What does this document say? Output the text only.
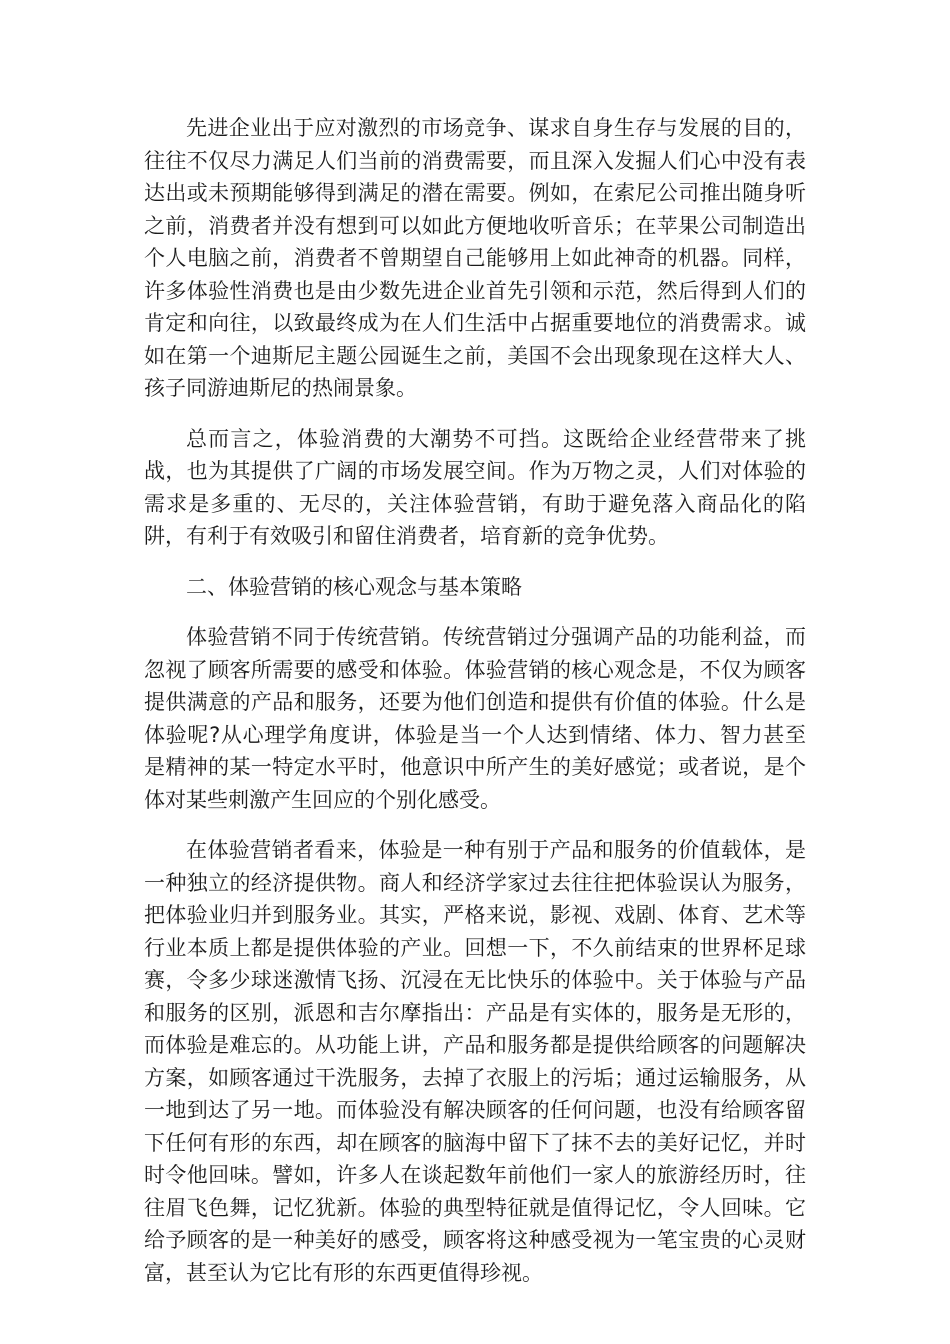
先进企业出于应对激烈的市场竞争、谋求自身生存与发展的目的，往往不仅尽力满足人们当前的消费需要，而且深入发掘人们心中没有表达出或未预期能够得到满足的潜在需要。例如，在索尼公司推出随身听之前，消费者并没有想到可以如此方便地收听音乐；在苹果公司制造出个人电脑之前，消费者不曾期望自己能够用上如此神奇的机器。同样，许多体验性消费也是由少数先进企业首先引领和示范，然后得到人们的肯定和向往，以致最终成为在人们生活中占据重要地位的消费需求。诚如在第一个迪斯尼主题公园诞生之前，美国不会出现象现在这样大人、孩子同游迪斯尼的热闹景象。

总而言之，体验消费的大潮势不可挡。这既给企业经营带来了挑战，也为其提供了广阔的市场发展空间。作为万物之灵，人们对体验的需求是多重的、无尽的，关注体验营销，有助于避免落入商品化的陷阱，有利于有效吸引和留住消费者，培育新的竞争优势。

二、体验营销的核心观念与基本策略

体验营销不同于传统营销。传统营销过分强调产品的功能利益，而忽视了顾客所需要的感受和体验。体验营销的核心观念是，不仅为顾客提供满意的产品和服务，还要为他们创造和提供有价值的体验。什么是体验呢?从心理学角度讲，体验是当一个人达到情绪、体力、智力甚至是精神的某一特定水平时，他意识中所产生的美好感觉；或者说，是个体对某些刺激产生回应的个别化感受。

在体验营销者看来，体验是一种有别于产品和服务的价值载体，是一种独立的经济提供物。商人和经济学家过去往往把体验误认为服务，把体验业归并到服务业。其实，严格来说，影视、戏剧、体育、艺术等行业本质上都是提供体验的产业。回想一下，不久前结束的世界杯足球赛，令多少球迷激情飞扬、沉浸在无比快乐的体验中。关于体验与产品和服务的区别，派恩和吉尔摩指出：产品是有实体的，服务是无形的，而体验是难忘的。从功能上讲，产品和服务都是提供给顾客的问题解决方案，如顾客通过干洗服务，去掉了衣服上的污垢；通过运输服务，从一地到达了另一地。而体验没有解决顾客的任何问题，也没有给顾客留下任何有形的东西，却在顾客的脑海中留下了抹不去的美好记忆，并时时令他回味。譬如，许多人在谈起数年前他们一家人的旅游经历时，往往眉飞色舞，记忆犹新。体验的典型特征就是值得记忆，令人回味。它给予顾客的是一种美好的感受，顾客将这种感受视为一笔宝贵的心灵财富，甚至认为它比有形的东西更值得珍视。
